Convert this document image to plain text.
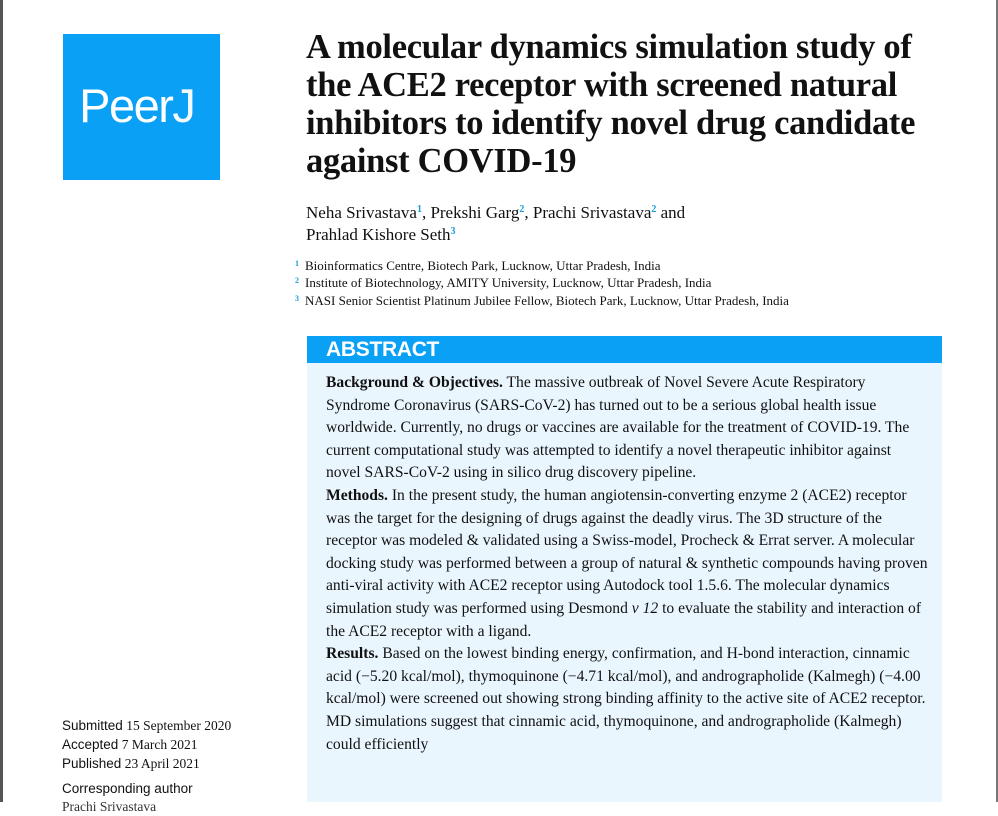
PeerJ
A molecular dynamics simulation study of the ACE2 receptor with screened natural inhibitors to identify novel drug candidate against COVID-19
Neha Srivastava$^1$, Prekshi Garg$^2$, Prachi Srivastava$^2$ and
Prahlad Kishore Seth$^3$
$^1$ Bioinformatics Centre, Biotech Park, Lucknow, Uttar Pradesh, India
$^2$ Institute of Biotechnology, AMITY University, Lucknow, Uttar Pradesh, India
$^3$ NASI Senior Scientist Platinum Jubilee Fellow, Biotech Park, Lucknow, Uttar Pradesh, India
ABSTRACT

Background & Objectives. The massive outbreak of Novel Severe Acute Respiratory Syndrome Coronavirus (SARS-CoV-2) has turned out to be a serious global health issue worldwide. Currently, no drugs or vaccines are available for the treatment of COVID-19. The current computational study was attempted to identify a novel therapeutic inhibitor against novel SARS-CoV-2 using in silico drug discovery pipeline.

Methods. In the present study, the human angiotensin-converting enzyme 2 (ACE2) receptor was the target for the designing of drugs against the deadly virus. The 3D structure of the receptor was modeled & validated using a Swiss-model, Procheck & Errat server. A molecular docking study was performed between a group of natural & synthetic compounds having proven anti-viral activity with ACE2 receptor using Autodock tool 1.5.6. The molecular dynamics simulation study was performed using Desmond v 12 to evaluate the stability and interaction of the ACE2 receptor with a ligand.

Results. Based on the lowest binding energy, confirmation, and H-bond interaction, cinnamic acid (−5.20 kcal/mol), thymoquinone (−4.71 kcal/mol), and andrographolide (Kalmegh) (−4.00 kcal/mol) were screened out showing strong binding affinity to the active site of ACE2 receptor. MD simulations suggest that cinnamic acid, thymoquinone, and andrographolide (Kalmegh) could efficiently

Submitted 15 September 2020
Accepted 7 March 2021
Published 23 April 2021
Corresponding author
Prachi Srivastava
